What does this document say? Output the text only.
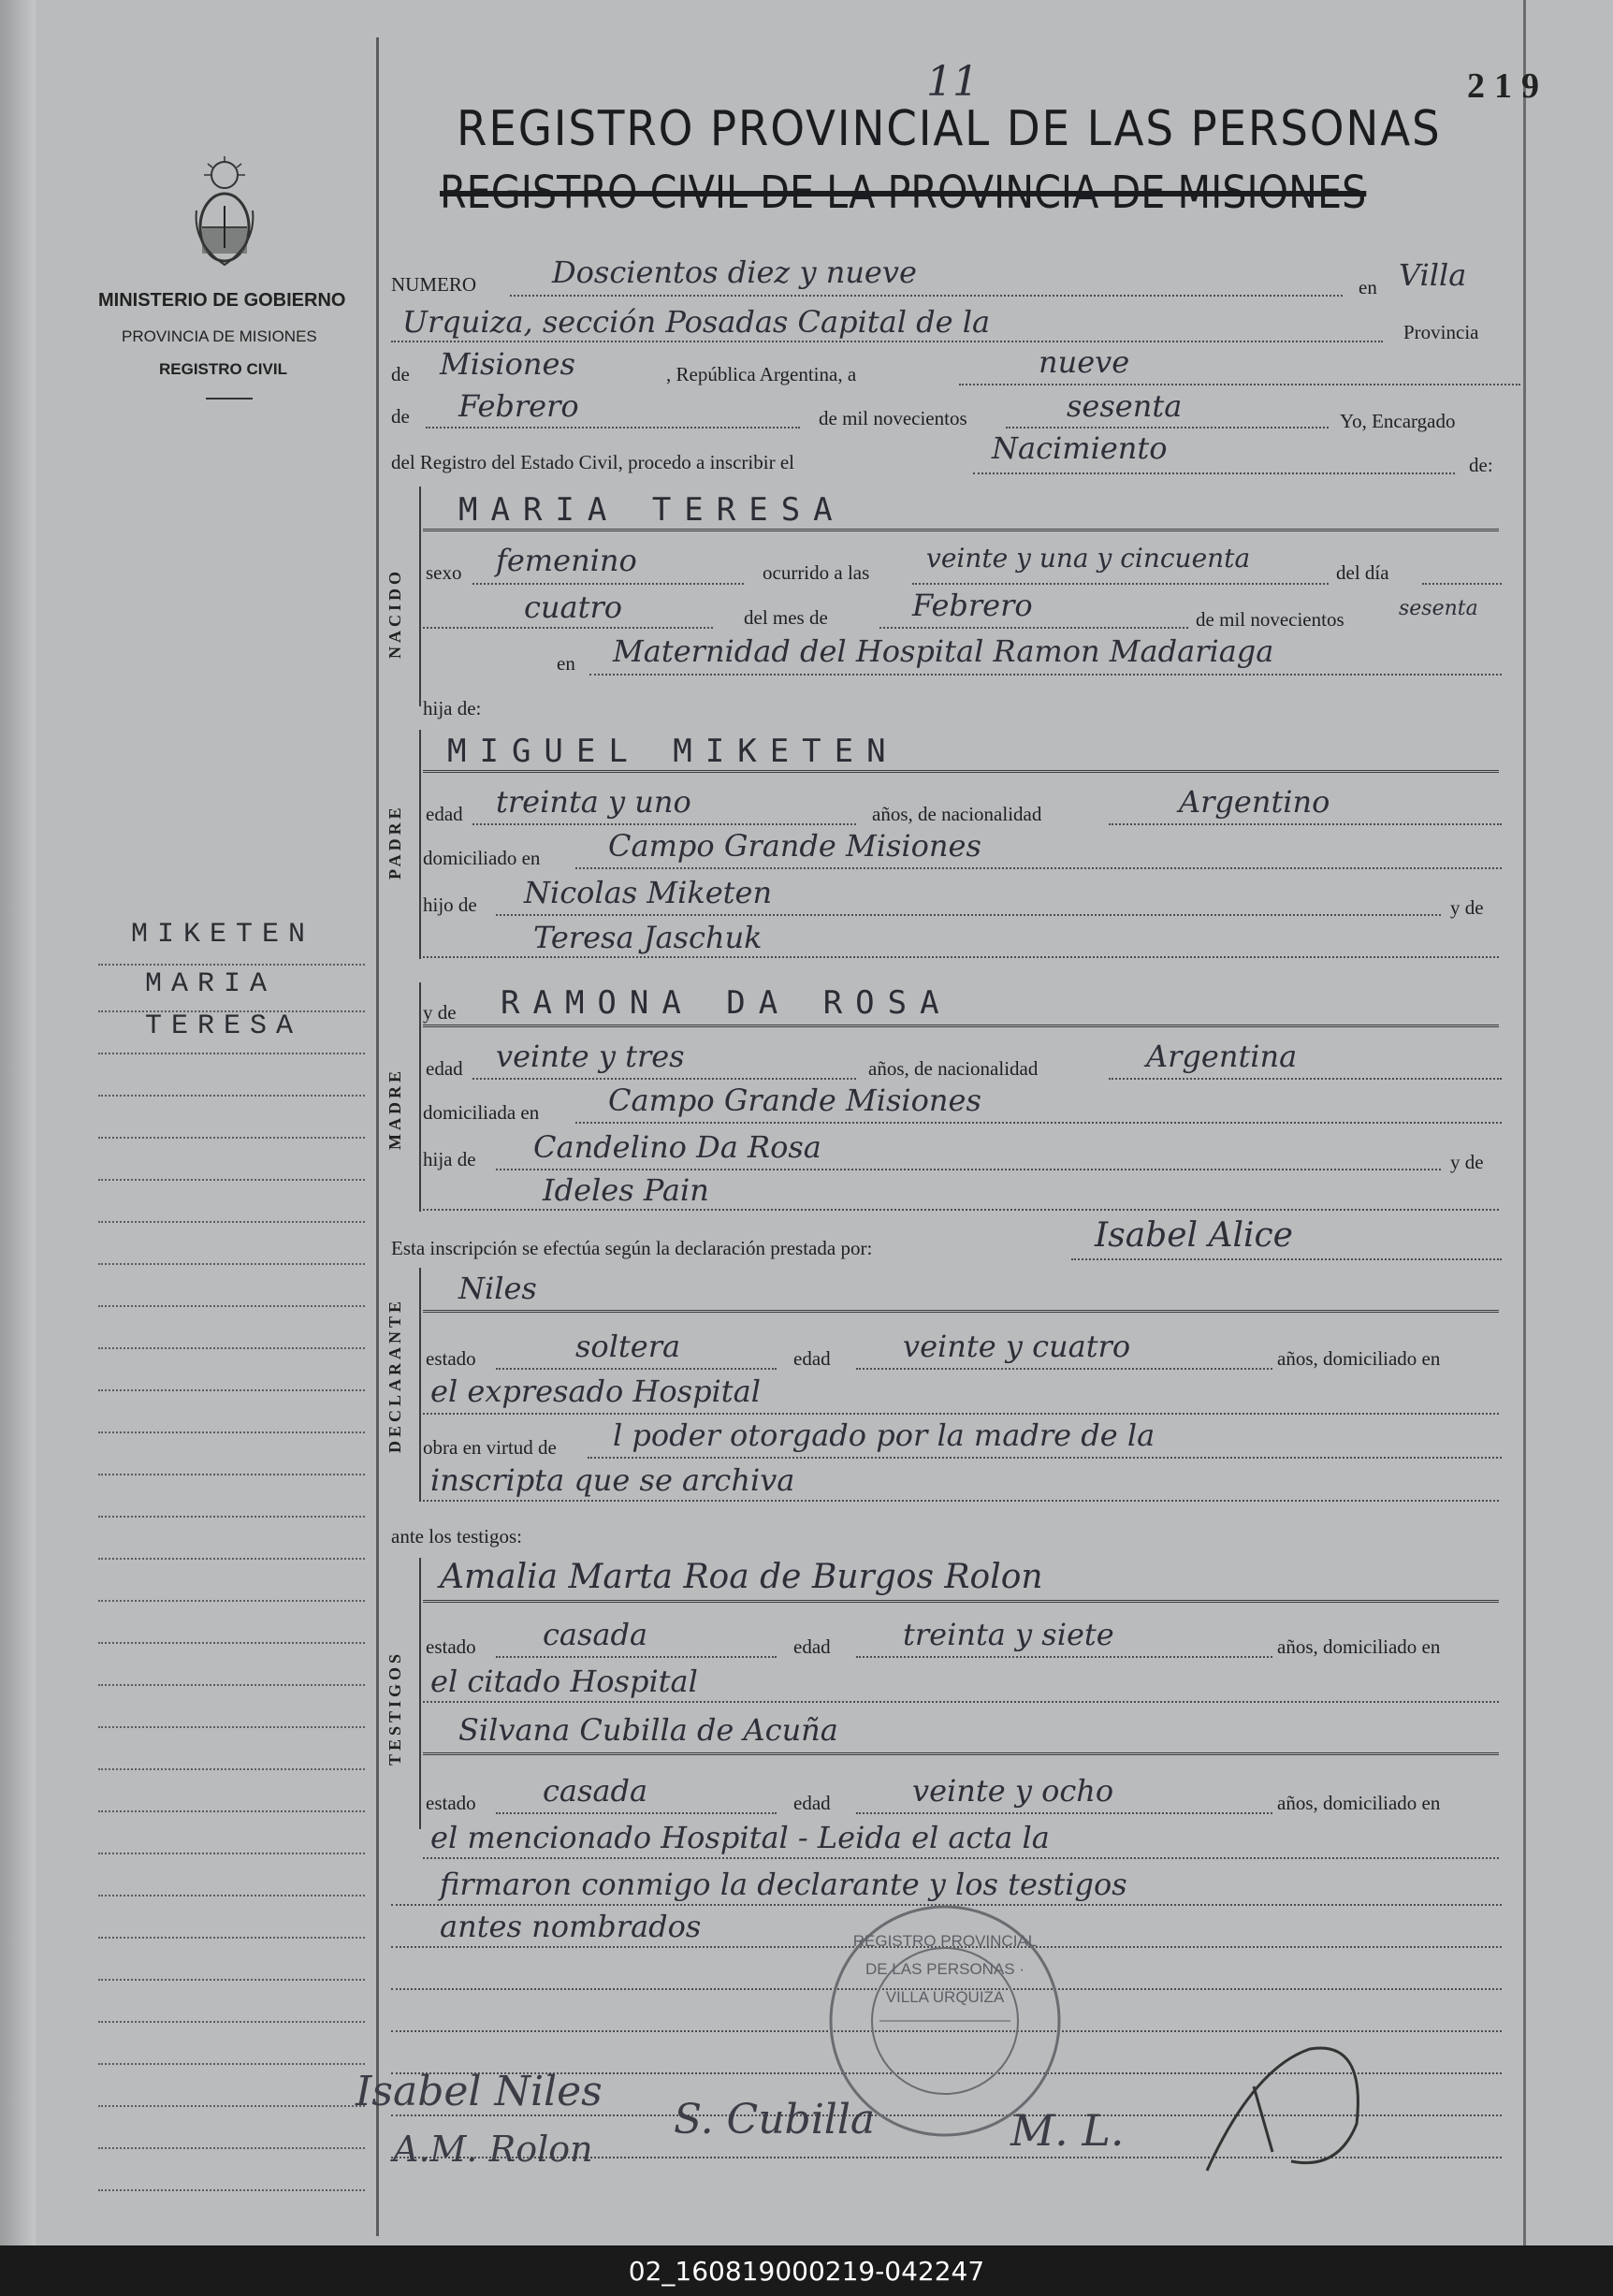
219
MINISTERIO DE GOBIERNO
PROVINCIA DE MISIONES
REGISTRO CIVIL
REGISTRO PROVINCIAL DE LAS PERSONAS
11
REGISTRO CIVIL DE LA PROVINCIA DE MISIONES
MIKETEN
MARIA
TERESA
NUMERO	Doscientos diez y nueve	en Villa
Urquiza, sección Posadas Capital de la	Provincia
de Misiones	, República Argentina, a	nueve
de Febrero	de mil novecientos	sesenta	Yo, Encargado
del Registro del Estado Civil, procedo a inscribir el	Nacimiento	de:
NACIDO
MARIA TERESA
sexo femenino	ocurrido a las veinte y una y cincuenta	del día
cuatro	del mes de	Febrero	de mil novecientos	sesenta
en Maternidad del Hospital Ramon Madariaga
hija de:
PADRE
MIGUEL MIKETEN
edad treinta y uno	años, de nacionalidad	Argentino
domiciliado en Campo Grande Misiones
hijo de Nicolas Miketen	y de
Teresa Jaschuk
MADRE
y de RAMONA DA ROSA
edad veinte y tres	años, de nacionalidad	Argentina
domiciliada en Campo Grande Misiones
hija de Candelino Da Rosa	y de
Ideles Pain
Esta inscripción se efectúa según la declaración prestada por:	Isabel Alice
DECLARANTE
Niles
estado	soltera	edad veinte y cuatro	años, domiciliado en
el expresado Hospital
obra en virtud de l poder otorgado por la madre de la
inscripta que se archiva
ante los testigos:
TESTIGOS
Amalia Marta Roa de Burgos Rolon
estado casada	edad treinta y siete	años, domiciliado en
el citado Hospital
Silvana Cubilla de Acuña
estado casada	edad	veinte y ocho	años, domiciliado en
el mencionado Hospital - Leida el acta la
firmaron conmigo la declarante y los testigos
antes nombrados	REGISTRO PROVINCIAL DE LAS PERSONAS · VILLA URQUIZA
Isabel Niles
A.M. Rolon
S. Cubilla	M. L.
02_160819000219-042247
